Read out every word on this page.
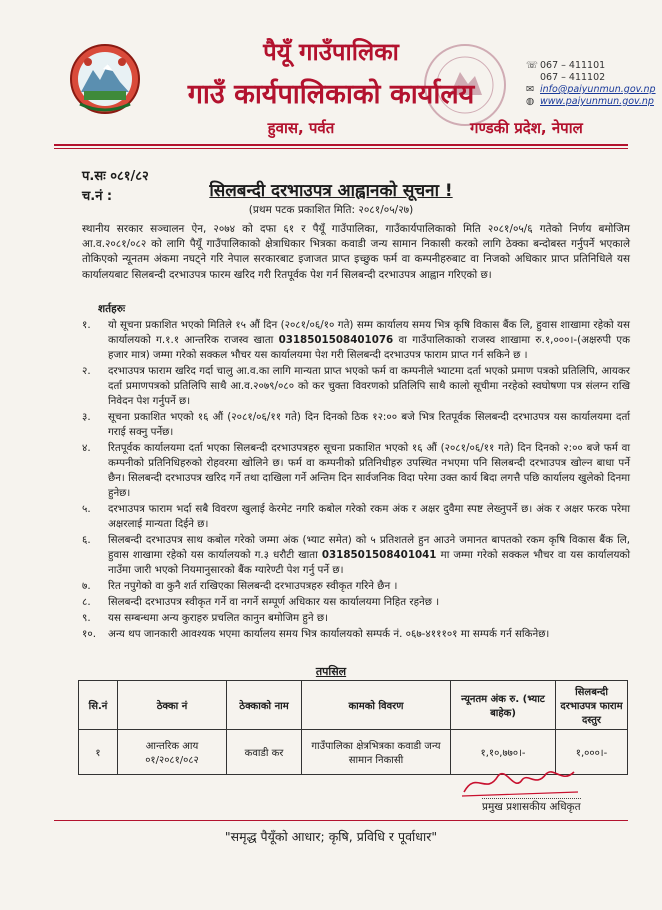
पैयूँ गाउँपालिका
गाउँ कार्यपालिकाको कार्यालय
हुवास, पर्वत	गण्डकी प्रदेश, नेपाल
☏ 067 – 411101
067 – 411102
✉ info@paiyunmun.gov.np
◍ www.paiyunmun.gov.np
प.सः ०८१/८२
च.नं :	सिलबन्दी दरभाउपत्र आह्वानको सूचना !
(प्रथम पटक प्रकाशित मिति: २०८१/०५/२७)

स्थानीय सरकार सञ्चालन ऐन, २०७४ को दफा ६१ र पैयूँ गाउँपालिका, गाउँकार्यपालिकाको मिति २०८१/०५/६ गतेको निर्णय बमोजिम आ.व.२०८१/०८२ को लागि पैयूँ गाउँपालिकाको क्षेत्राधिकार भित्रका कवाडी जन्य सामान निकासी करको लागि ठेक्का बन्दोबस्त गर्नुपर्ने भएकाले तोकिएको न्यूनतम अंकमा नघट्ने गरि नेपाल सरकारबाट इजाजत प्राप्त इच्छुक फर्म वा कम्पनीहरुबाट वा निजको अधिकार प्राप्त प्रतिनिधिले यस कार्यालयबाट सिलबन्दी दरभाउपत्र फारम खरिद गरी रितपूर्वक पेश गर्न सिलबन्दी दरभाउपत्र आह्वान गरिएको छ।

शर्तहरुः
१. यो सूचना प्रकाशित भएको मितिले १५ औं दिन (२०८१/०६/१० गते) सम्म कार्यालय समय भित्र कृषि विकास बैंक लि, हुवास शाखामा रहेको यस कार्यालयको ग.१.१ आन्तरिक राजस्व खाता 0318501508401076 वा गाउँपालिकाको राजस्व शाखामा रु.१,०००।-(अक्षरुपी एक हजार मात्र) जम्मा गरेको सक्कल भौचर यस कार्यालयमा पेश गरी सिलबन्दी दरभाउपत्र फाराम प्राप्त गर्न सकिने छ ।
२. दरभाउपत्र फाराम खरिद गर्दा चालु आ.व.का लागि मान्यता प्राप्त भएको फर्म वा कम्पनीले भ्याटमा दर्ता भएको प्रमाण पत्रको प्रतिलिपि, आयकर दर्ता प्रमाणपत्रको प्रतिलिपि साथै आ.व.२०७९/०८० को कर चुक्ता विवरणको प्रतिलिपि साथै कालो सूचीमा नरहेको स्वघोषणा पत्र संलग्न राखि निवेदन पेश गर्नुपर्ने छ।
३. सूचना प्रकाशित भएको १६ औं (२०८१/०६/११ गते) दिन दिनको ठिक १२:०० बजे भित्र रितपूर्वक सिलबन्दी दरभाउपत्र यस कार्यालयमा दर्ता गराई सक्नु पर्नेछ।
४. रितपूर्वक कार्यालयमा दर्ता भएका सिलबन्दी दरभाउपत्रहरु सूचना प्रकाशित भएको १६ औं (२०८१/०६/११ गते) दिन दिनको २:०० बजे फर्म वा कम्पनीको प्रतिनिधिहरुको रोहवरमा खोलिने छ। फर्म वा कम्पनीको प्रतिनिधीहरु उपस्थित नभएमा पनि सिलबन्दी दरभाउपत्र खोल्न बाधा पर्ने छैन। सिलबन्दी दरभाउपत्र खरिद गर्ने तथा दाखिला गर्ने अन्तिम दिन सार्वजनिक विदा परेमा उक्त कार्य बिदा लगत्तै पछि कार्यालय खुलेको दिनमा हुनेछ।
५. दरभाउपत्र फाराम भर्दा सबै विवरण खुलाई केरमेट नगरि कबोल गरेको रकम अंक र अक्षर दुवैमा स्पष्ट लेख्नुपर्ने छ। अंक र अक्षर फरक परेमा अक्षरलाई मान्यता दिईने छ।
६. सिलबन्दी दरभाउपत्र साथ कबोल गरेको जम्मा अंक (भ्याट समेत) को ५ प्रतिशतले हुन आउने जमानत बापतको रकम कृषि विकास बैंक लि, हुवास शाखामा रहेको यस कार्यालयको ग.३ धरौटी खाता 0318501508401041 मा जम्मा गरेको सक्कल भौचर वा यस कार्यालयको नाउँमा जारी भएको नियमानुसारको बैंक ग्यारेण्टी पेश गर्नु पर्ने छ।
७. रित नपुगेको वा कुनै शर्त राखिएका सिलबन्दी दरभाउपत्रहरु स्वीकृत गरिने छैन ।
८. सिलबन्दी दरभाउपत्र स्वीकृत गर्ने वा नगर्ने सम्पूर्ण अधिकार यस कार्यालयमा निहित रहनेछ ।
९. यस सम्बन्धमा अन्य कुराहरु प्रचलित कानुन बमोजिम हुने छ।
१०. अन्य थप जानकारी आवश्यक भएमा कार्यालय समय भित्र कार्यालयको सम्पर्क नं. ०६७-४१११०१ मा सम्पर्क गर्न सकिनेछ।
तपसिल
सि.नं	ठेक्का नं	ठेक्काको नाम	कामको विवरण	न्यूनतम अंक रु. (भ्याट बाहेक)	सिलबन्दी दरभाउपत्र फाराम दस्तुर
१	आन्तरिक आय ०१/२०८१/०८२	कवाडी कर	गाउँपालिका क्षेत्रभित्रका कवाडी जन्य सामान निकासी	१,१०,७७०।-	१,०००।-
प्रमुख प्रशासकीय अधिकृत
"समृद्ध पैयूँको आधार; कृषि, प्रविधि र पूर्वाधार"
